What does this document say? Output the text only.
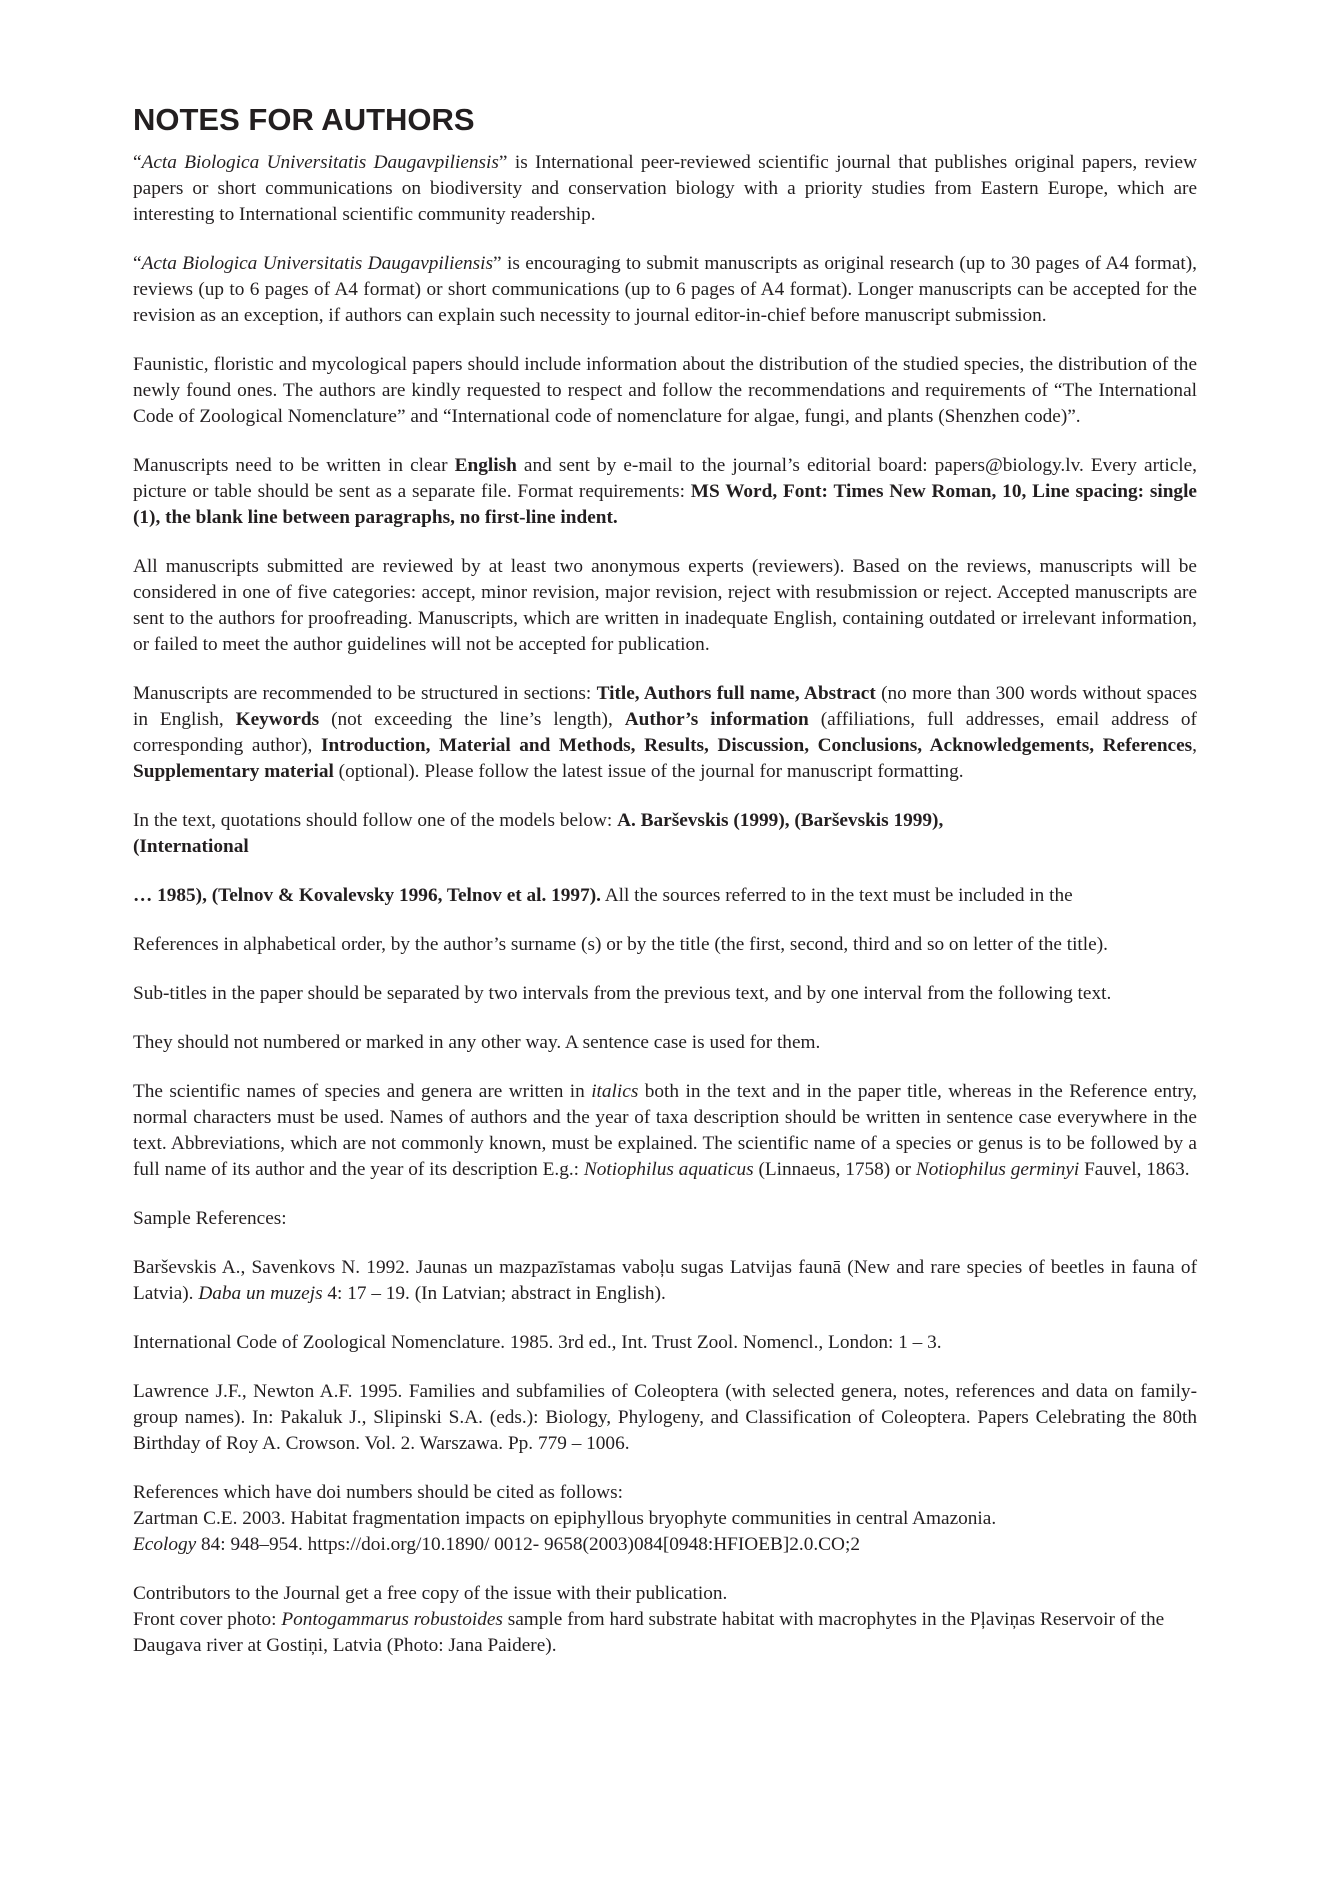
NOTES FOR AUTHORS

“Acta Biologica Universitatis Daugavpiliensis” is International peer-reviewed scientific journal that publishes original papers, review papers or short communications on biodiversity and conservation biology with a priority studies from Eastern Europe, which are interesting to International scientific community readership.

“Acta Biologica Universitatis Daugavpiliensis” is encouraging to submit manuscripts as original research (up to 30 pages of A4 format), reviews (up to 6 pages of A4 format) or short communications (up to 6 pages of A4 format). Longer manuscripts can be accepted for the revision as an exception, if authors can explain such necessity to journal editor-in-chief before manuscript submission.

Faunistic, floristic and mycological papers should include information about the distribution of the studied species, the distribution of the newly found ones. The authors are kindly requested to respect and follow the recommendations and requirements of “The International Code of Zoological Nomenclature” and “International code of nomenclature for algae, fungi, and plants (Shenzhen code)”.

Manuscripts need to be written in clear English and sent by e-mail to the journal’s editorial board: papers@biology.lv. Every article, picture or table should be sent as a separate file. Format requirements: MS Word, Font: Times New Roman, 10, Line spacing: single (1), the blank line between paragraphs, no first-line indent.

All manuscripts submitted are reviewed by at least two anonymous experts (reviewers). Based on the reviews, manuscripts will be considered in one of five categories: accept, minor revision, major revision, reject with resubmission or reject. Accepted manuscripts are sent to the authors for proofreading. Manuscripts, which are written in inadequate English, containing outdated or irrelevant information, or failed to meet the author guidelines will not be accepted for publication.

Manuscripts are recommended to be structured in sections: Title, Authors full name, Abstract (no more than 300 words without spaces in English, Keywords (not exceeding the line’s length), Author’s information (affiliations, full addresses, email address of corresponding author), Introduction, Material and Methods, Results, Discussion, Conclusions, Acknowledgements, References, Supplementary material (optional). Please follow the latest issue of the journal for manuscript formatting.

In the text, quotations should follow one of the models below: A. Barševskis (1999), (Barševskis 1999),
(International

… 1985), (Telnov & Kovalevsky 1996, Telnov et al. 1997). All the sources referred to in the text must be included in the

References in alphabetical order, by the author’s surname (s) or by the title (the first, second, third and so on letter of the title).

Sub-titles in the paper should be separated by two intervals from the previous text, and by one interval from the following text.

They should not numbered or marked in any other way. A sentence case is used for them.

The scientific names of species and genera are written in italics both in the text and in the paper title, whereas in the Reference entry, normal characters must be used. Names of authors and the year of taxa description should be written in sentence case everywhere in the text. Abbreviations, which are not commonly known, must be explained. The scientific name of a species or genus is to be followed by a full name of its author and the year of its description E.g.: Notiophilus aquaticus (Linnaeus, 1758) or Notiophilus germinyi Fauvel, 1863.

Sample References:

Barševskis A., Savenkovs N. 1992. Jaunas un mazpazīstamas vaboļu sugas Latvijas faunā (New and rare species of beetles in fauna of Latvia). Daba un muzejs 4: 17 – 19. (In Latvian; abstract in English).

International Code of Zoological Nomenclature. 1985. 3rd ed., Int. Trust Zool. Nomencl., London: 1 – 3.

Lawrence J.F., Newton A.F. 1995. Families and subfamilies of Coleoptera (with selected genera, notes, references and data on family-group names). In: Pakaluk J., Slipinski S.A. (eds.): Biology, Phylogeny, and Classification of Coleoptera. Papers Celebrating the 80th Birthday of Roy A. Crowson. Vol. 2. Warszawa. Pp. 779 – 1006.

References which have doi numbers should be cited as follows:
Zartman C.E. 2003. Habitat fragmentation impacts on epiphyllous bryophyte communities in central Amazonia.
Ecology 84: 948–954. https://doi.org/10.1890/ 0012- 9658(2003)084[0948:HFIOEB]2.0.CO;2

Contributors to the Journal get a free copy of the issue with their publication.
Front cover photo: Pontogammarus robustoides sample from hard substrate habitat with macrophytes in the Pļaviņas Reservoir of the Daugava river at Gostiņi, Latvia (Photo: Jana Paidere).
